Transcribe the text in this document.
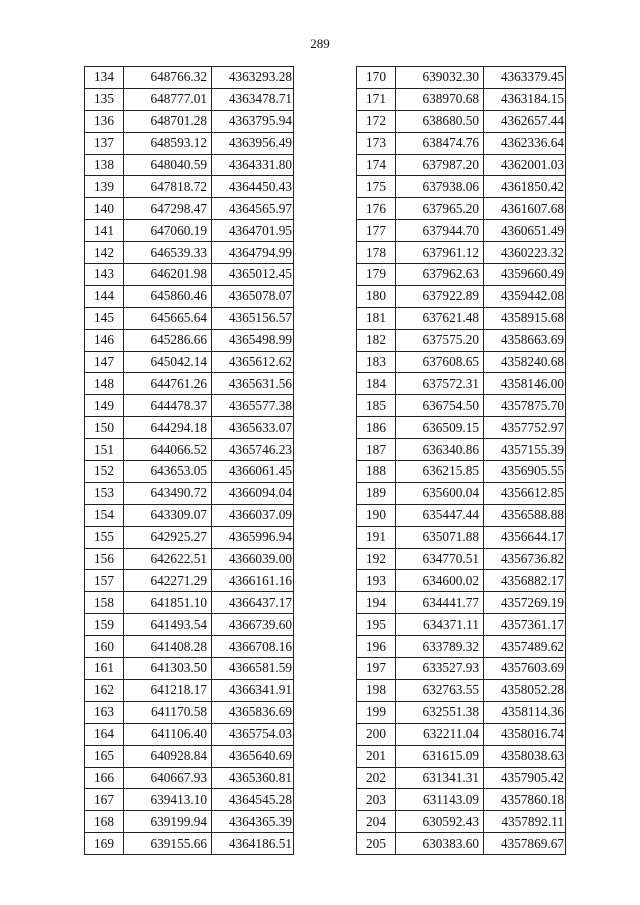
289
134	648766.32	4363293.28
135	648777.01	4363478.71
136	648701.28	4363795.94
137	648593.12	4363956.49
138	648040.59	4364331.80
139	647818.72	4364450.43
140	647298.47	4364565.97
141	647060.19	4364701.95
142	646539.33	4364794.99
143	646201.98	4365012.45
144	645860.46	4365078.07
145	645665.64	4365156.57
146	645286.66	4365498.99
147	645042.14	4365612.62
148	644761.26	4365631.56
149	644478.37	4365577.38
150	644294.18	4365633.07
151	644066.52	4365746.23
152	643653.05	4366061.45
153	643490.72	4366094.04
154	643309.07	4366037.09
155	642925.27	4365996.94
156	642622.51	4366039.00
157	642271.29	4366161.16
158	641851.10	4366437.17
159	641493.54	4366739.60
160	641408.28	4366708.16
161	641303.50	4366581.59
162	641218.17	4366341.91
163	641170.58	4365836.69
164	641106.40	4365754.03
165	640928.84	4365640.69
166	640667.93	4365360.81
167	639413.10	4364545.28
168	639199.94	4364365.39
169	639155.66	4364186.51
170	639032.30	4363379.45
171	638970.68	4363184.15
172	638680.50	4362657.44
173	638474.76	4362336.64
174	637987.20	4362001.03
175	637938.06	4361850.42
176	637965.20	4361607.68
177	637944.70	4360651.49
178	637961.12	4360223.32
179	637962.63	4359660.49
180	637922.89	4359442.08
181	637621.48	4358915.68
182	637575.20	4358663.69
183	637608.65	4358240.68
184	637572.31	4358146.00
185	636754.50	4357875.70
186	636509.15	4357752.97
187	636340.86	4357155.39
188	636215.85	4356905.55
189	635600.04	4356612.85
190	635447.44	4356588.88
191	635071.88	4356644.17
192	634770.51	4356736.82
193	634600.02	4356882.17
194	634441.77	4357269.19
195	634371.11	4357361.17
196	633789.32	4357489.62
197	633527.93	4357603.69
198	632763.55	4358052.28
199	632551.38	4358114.36
200	632211.04	4358016.74
201	631615.09	4358038.63
202	631341.31	4357905.42
203	631143.09	4357860.18
204	630592.43	4357892.11
205	630383.60	4357869.67
